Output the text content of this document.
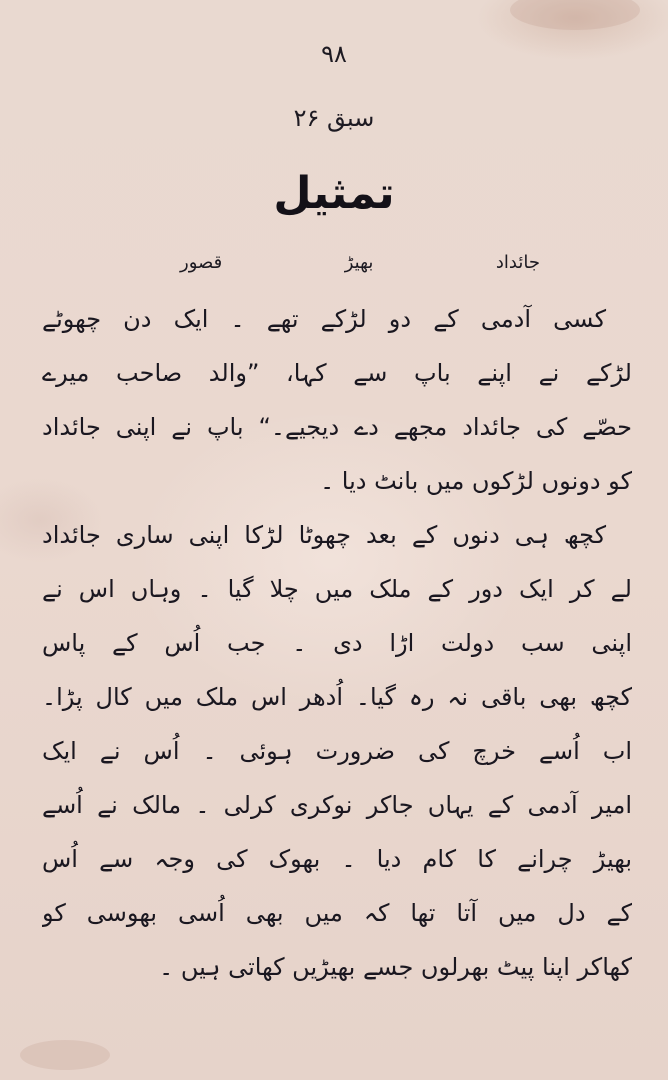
۹۸
سبق ۲۶
تمثیل
جائداد
بھیڑ
قصور
کسی آدمی کے دو لڑکے تھے ۔ ایک دن چھوٹے
لڑکے نے اپنے باپ سے کہا، ”والد صاحب میرے
حصّے کی جائداد مجھے دے دیجیے۔“ باپ نے اپنی جائداد
کو دونوں لڑکوں میں بانٹ دیا ۔
کچھ ہی دنوں کے بعد چھوٹا لڑکا اپنی ساری جائداد
لے کر ایک دور کے ملک میں چلا گیا ۔ وہاں اس نے
اپنی سب دولت اڑا دی ۔ جب اُس کے پاس
کچھ بھی باقی نہ رہ گیا۔ اُدھر اس ملک میں کال پڑا۔
اب اُسے خرچ کی ضرورت ہوئی ۔ اُس نے ایک
امیر آدمی کے یہاں جاکر نوکری کرلی ۔ مالک نے اُسے
بھیڑ چرانے کا کام دیا ۔ بھوک کی وجہ سے اُس
کے دل میں آتا تھا کہ میں بھی اُسی بھوسی کو
کھاکر اپنا پیٹ بھرلوں جسے بھیڑیں کھاتی ہیں ۔
